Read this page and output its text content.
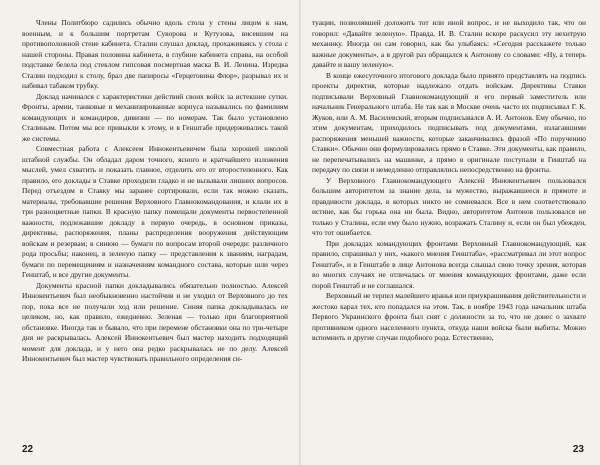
Члены Политбюро садились обычно вдоль стола у стены лицом к нам, военным, и к большим портретам Суворова и Кутузова, висевшим на противоположной стене кабинета. Сталин слушал доклад, прохаживаясь у стола с нашей стороны. Правая половина кабинета, в глубине кабинета справа, на особой подставке белела под стеклом гипсовая посмертная маска В. И. Ленина. Изредка Сталин подходил к столу, брал две папиросы «Герцеговина Флор», разрывал их и набивал табаком трубку.

Доклад начинался с характеристики действий своих войск за истекшие сутки. Фронты, армии, танковые и механизированные корпуса назывались по фамилиям командующих и командиров, дивизии — по номерам. Так было установлено Сталиным. Потом мы все привыкли к этому, и в Генштабе придерживались такой же системы.

Совместная работа с Алексеем Иннокентьевичем была хорошей школой штабной службы. Он обладал даром точного, ясного и кратчайшего изложения мыслей, умел схватить и показать главное, отделить его от второстепенного. Как правило, его доклады в Ставке проходили гладко и не вызывали лишних вопросов. Перед отъездом в Ставку мы заранее сортировали, если так можно сказать, материалы, требовавшие решения Верховного Главнокомандования, и клали их в три разноцветные папки. В красную папку помещали документы первостепенной важности, подлежавшие докладу в первую очередь, в основном приказы, директивы, распоряжения, планы распределения вооружения действующим войскам и резервам; в синюю — бумаги по вопросам второй очереди: различного рода просьбы; наконец, в зеленую папку — представления к званиям, наградам, бумаги по перемещениям и назначениям командного состава, которые шли через Генштаб, и все другие документы.

Документы красной папки докладывались обязательно полностью. Алексей Иннокентьевич был необыкновенно настойчив и не уходил от Верховного до тех пор, пока все не получали ход или решение. Синяя папка докладывалась не целиком, но, как правило, ежедневно. Зеленая — только при благоприятной обстановке. Иногда так и бывало, что при перемене обстановки она по три-четыре дня не раскрывалась. Алексей Иннокентьевич был мастер находить подходящий момент для доклада, и у него она редко раскрывалась не по делу. Алексей Иннокентьевич был мастер чувствовать правильного определения си-

22

туации, позволявшей доложить тот или иной вопрос, и не выходило так, что он говорил: «Давайте зеленую». Правда, И. В. Сталин вскоре раскусил эту нехитрую механику. Иногда он сам говорил, как бы улыбаясь: «Сегодня расскажете только важные документы», а в другой раз обращался к Антонову со словами: «Ну, а теперь давайте и вашу зеленую».

В конце ежесуточного итогового доклада было принято представлять на подпись проекты директив, которые надлежало отдать войскам. Директивы Ставки подписывали Верховный Главнокомандующий и его первый заместитель или начальник Генерального штаба. Не так как в Москве очень часто их подписывал Г. К. Жуков, или А. М. Василевский, вторым подписывался А. И. Антонов. Ему обычно, по этим документам, приходилось подписывать под документами, излагавшими распоряжения меньшей важности, которые заканчивались фразой «По поручению Ставки». Обычно они формулировались прямо в Ставке. Эти документы, как правило, не перепечатывались на машинке, а прямо в оригинале поступали в Генштаб на передачу по связи и немедленно отправлялись непосредственно на фронты.

У Верховного Главнокомандующего Алексей Иннокентьевич пользовался большим авторитетом за знание дела, за мужество, выражавшееся в прямоте и правдивости доклада, в которых никто не сомневался. Все в нем соответствовало истине, как бы горька она ни была. Видно, авторитетом Антонов пользовался не только у Сталина, если ему было нужно, возражать Сталину и, если он был убежден, что тот ошибается.

При докладах командующих фронтами Верховный Главнокомандующий, как правило, спрашивал у них, «какого мнения Генштаба», «рассматривал ли этот вопрос Генштаб», и в Генштабе в лице Антонова всегда слышал свою точку зрения, которая во многих случаях не отличалась от мнения командующих фронтами, даже если порой Генштаб и не соглашался.

Верховный не терпел малейшего вранья или приукрашивания действительности и жестоко карал тех, кто попадался на этом. Так, в ноябре 1943 года начальник штаба Первого Украинского фронта был снят с должности за то, что не донес о захвате противником одного населенного пункта, откуда наши войска были выбиты. Можно вспомнить и другие случаи подобного рода. Естественно,

23
